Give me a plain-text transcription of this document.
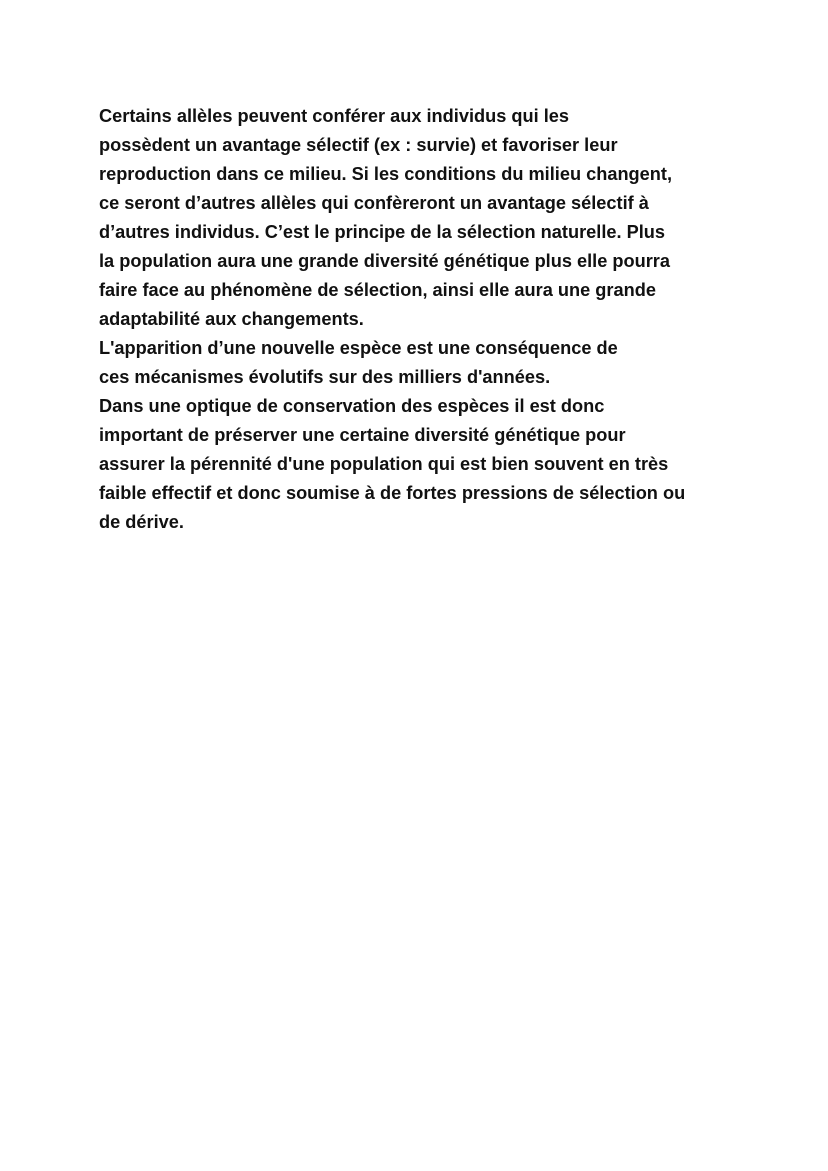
Certains allèles peuvent conférer aux individus qui les
possèdent un avantage sélectif (ex : survie) et favoriser leur
reproduction dans ce milieu. Si les conditions du milieu changent,
ce seront d’autres allèles qui confèreront un avantage sélectif à
d’autres individus. C’est le principe de la sélection naturelle. Plus
la population aura une grande diversité génétique plus elle pourra
faire face au phénomène de sélection, ainsi elle aura une grande
adaptabilité aux changements.
L'apparition d’une nouvelle espèce est une conséquence de
ces mécanismes évolutifs sur des milliers d'années.
Dans une optique de conservation des espèces il est donc
important de préserver une certaine diversité génétique pour
assurer la pérennité d'une population qui est bien souvent en très
faible effectif et donc soumise à de fortes pressions de sélection ou
de dérive.
